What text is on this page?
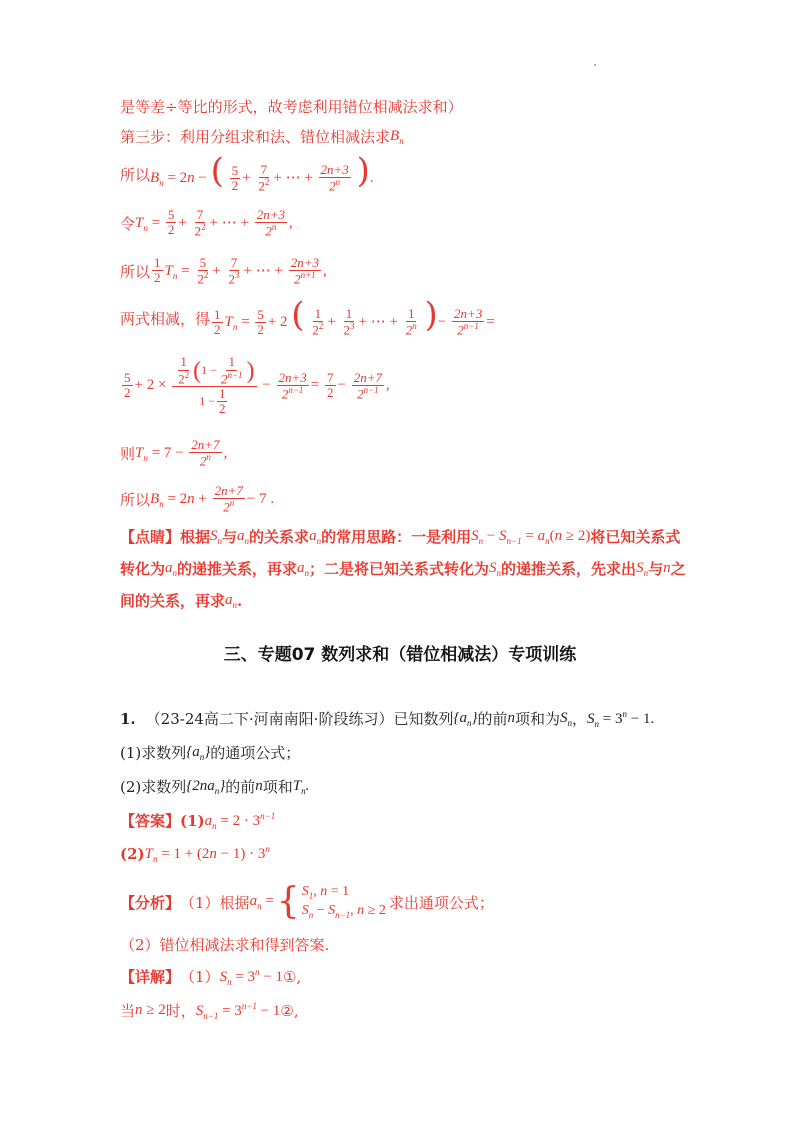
是等差÷等比的形式，故考虑利用错位相减法求和）
第三步：利用分组求和法、错位相减法求 $B_n$
所以 $B_n = 2n$ − ( $\frac{5}{2} + \frac{7}{2^2}$ + ⋯ + $\frac{2n+3}{2^n}$ ).
令 $T_n = \frac{5}{2} + \frac{7}{2^2}$ + ⋯ + $\frac{2n+3}{2^n}$ ,
所以 $\frac{1}{2} T_n = \frac{5}{2^2} + \frac{7}{2^3}$ + ⋯ + $\frac{2n+3}{2^{n+1}}$ ,
两式相减，得 $\frac{1}{2} T_n = \frac{5}{2} + 2$ ( $\frac{1}{2^2} + \frac{1}{2^3}$ + ⋯ + $\frac{1}{2^n}$ )− $\frac{2n+3}{2^{n-1}}$ =
$\frac{5}{2} + 2 \times \frac{\frac{1}{2^2} ( 1 - \frac{1}{2^{n-1}} )}{1 - \frac{1}{2}} - \frac{2n+3}{2^{n-1}} = \frac{7}{2} - \frac{2n+7}{2^{n-1}}$ ,
则 $T_n = 7 - \frac{2n+7}{2^n}$ ,
所以 $B_n = 2n + \frac{2n+7}{2^n} - 7$ .
【点睛】 根据 $S_n$ 与 $a_n$ 的关系求 $a_n$ 的常用思路：一是利用 $S_n - S_{n-1} = a_n(n \ge 2)$ 将已知关系式
转化为 $a_n$ 的递推关系，再求 $a_n$ ；二是将已知关系式转化为 $S_n$ 的递推关系，先求出 $S_n$ 与 n 之
间的关系，再求 $a_n$ .
三、专题07 数列求和（错位相减法）专项训练
1. （23-24高二下·河南南阳·阶段练习） 已知数列 $\{a_n\}$ 的前 n 项和为 $S_n$ ， $S_n = 3^n - 1$.
(1)求数列 $\{a_n\}$ 的通项公式；
(2)求数列 $\{2na_n\}$ 的前 n 项和 $T_n$.
【答案】 (1) $a_n = 2 \cdot 3^{n-1}$
(2) $T_n = 1 + (2n - 1) \cdot 3^n$
【分析】 （1）根据 $a_n$ = { $S_1$, n = 1
$S_n - S_{n-1}$, n ≥ 2 求出通项公式；
（2）错位相减法求和得到答案.
【详解】 （1） $S_n = 3^n - 1$ ① ,
当 n ≥ 2 时， $S_{n-1} = 3^{n-1} - 1$ ② ,
